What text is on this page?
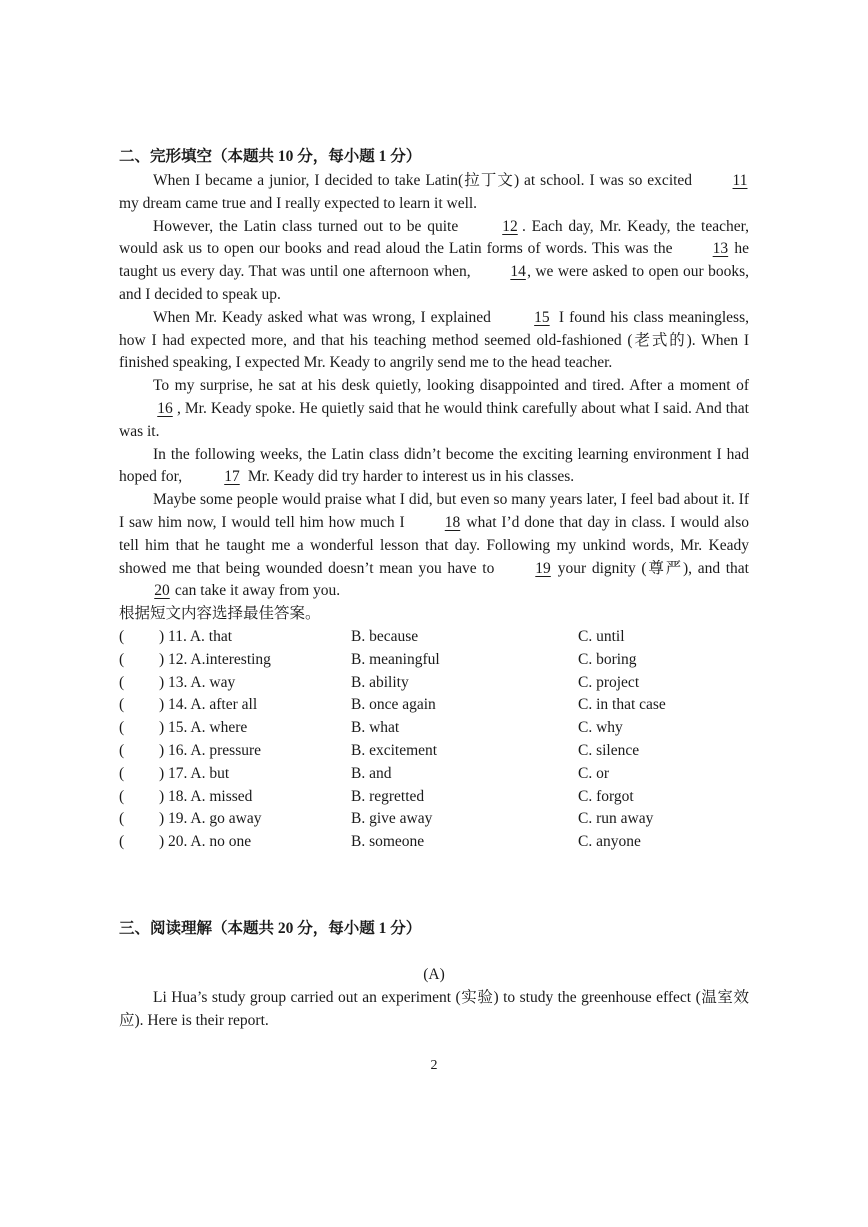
二、完形填空（本题共 10 分，每小题 1 分）

When I became a junior, I decided to take Latin(拉丁文) at school. I was so excited 11 my dream came true and I really expected to learn it well.

However, the Latin class turned out to be quite 12 . Each day, Mr. Keady, the teacher, would ask us to open our books and read aloud the Latin forms of words. This was the 13 he taught us every day. That was until one afternoon when, 14, we were asked to open our books, and I decided to speak up.

When Mr. Keady asked what was wrong, I explained 15 I found his class meaningless, how I had expected more, and that his teaching method seemed old-fashioned (老式的). When I finished speaking, I expected Mr. Keady to angrily send me to the head teacher.

To my surprise, he sat at his desk quietly, looking disappointed and tired. After a moment of 16 , Mr. Keady spoke. He quietly said that he would think carefully about what I said. And that was it.

In the following weeks, the Latin class didn’t become the exciting learning environment I had hoped for, 17 Mr. Keady did try harder to interest us in his classes.

Maybe some people would praise what I did, but even so many years later, I feel bad about it. If I saw him now, I would tell him how much I 18 what I’d done that day in class. I would also tell him that he taught me a wonderful lesson that day. Following my unkind words, Mr. Keady showed me that being wounded doesn’t mean you have to 19 your dignity (尊严), and that 20 can take it away from you.

根据短文内容选择最佳答案。
( ) 11. A. that	B. because	C. until
( ) 12. A.interesting	B. meaningful	C. boring
( ) 13. A. way	B. ability	C. project
( ) 14. A. after all	B. once again	C. in that case
( ) 15. A. where	B. what	C. why
( ) 16. A. pressure	B. excitement	C. silence
( ) 17. A. but	B. and	C. or
( ) 18. A. missed	B. regretted	C. forgot
( ) 19. A. go away	B. give away	C. run away
( ) 20. A. no one	B. someone	C. anyone
三、阅读理解（本题共 20 分，每小题 1 分）
(A)

Li Hua’s study group carried out an experiment (实验) to study the greenhouse effect (温室效应). Here is their report.

2
